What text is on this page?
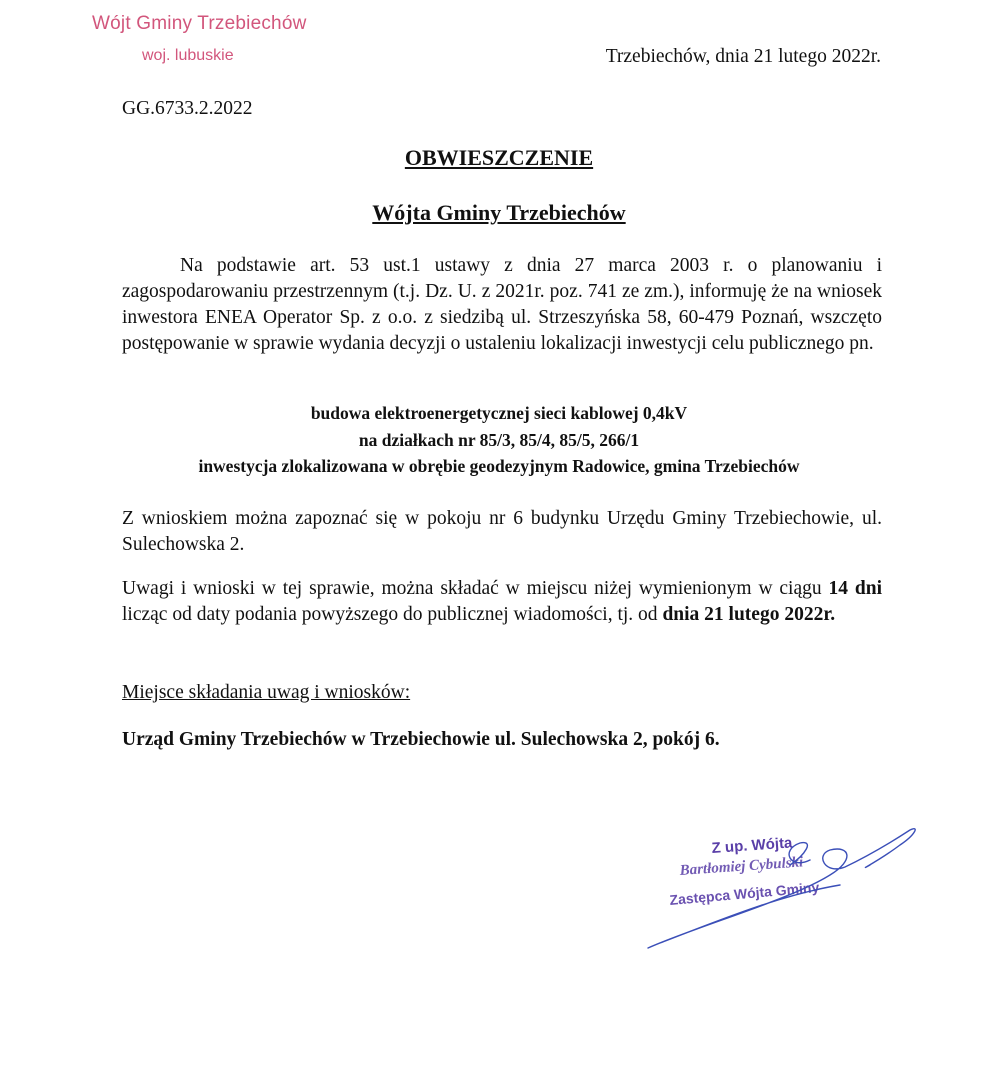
Wójt Gminy Trzebiechów
woj. lubuskie	Trzebiechów, dnia 21 lutego 2022r.
GG.6733.2.2022
OBWIESZCZENIE
Wójta Gminy Trzebiechów

Na podstawie art. 53 ust.1 ustawy z dnia 27 marca 2003 r. o planowaniu i zagospodarowaniu przestrzennym (t.j. Dz. U. z 2021r. poz. 741 ze zm.), informuję że na wniosek inwestora ENEA Operator Sp. z o.o. z siedzibą ul. Strzeszyńska 58, 60-479 Poznań, wszczęto postępowanie w sprawie wydania decyzji o ustaleniu lokalizacji inwestycji celu publicznego pn.

budowa elektroenergetycznej sieci kablowej 0,4kV
na działkach nr 85/3, 85/4, 85/5, 266/1
inwestycja zlokalizowana w obrębie geodezyjnym Radowice, gmina Trzebiechów

Z wnioskiem można zapoznać się w pokoju nr 6 budynku Urzędu Gminy Trzebiechowie, ul. Sulechowska 2.

Uwagi i wnioski w tej sprawie, można składać w miejscu niżej wymienionym w ciągu 14 dni licząc od daty podania powyższego do publicznej wiadomości, tj. od dnia 21 lutego 2022r.

Miejsce składania uwag i wniosków:

Urząd Gminy Trzebiechów w Trzebiechowie ul. Sulechowska 2, pokój 6.

Z up. Wójta
Bartłomiej Cybulski
Zastępca Wójta Gminy
